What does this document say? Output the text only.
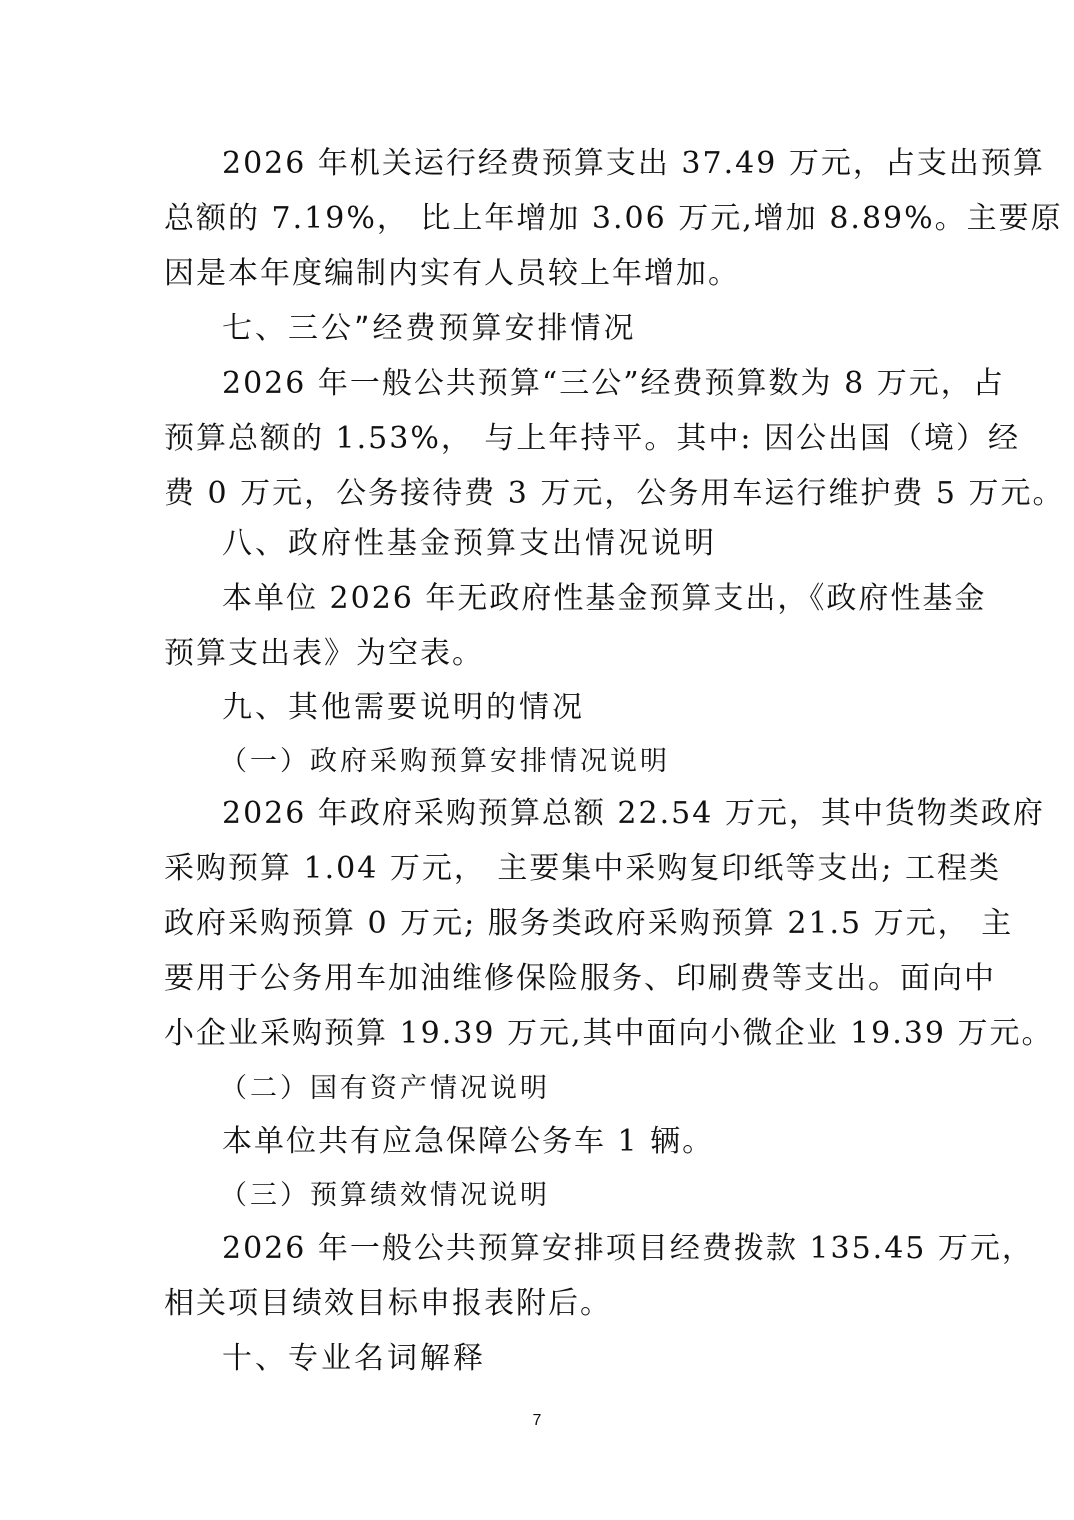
2026 年机关运行经费预算支出 37.49 万元，占支出预算
总额的 7.19%， 比上年增加 3.06 万元,增加 8.89%。主要原
因是本年度编制内实有人员较上年增加。
七、三公”经费预算安排情况
2026 年一般公共预算“三公”经费预算数为 8 万元，占
预算总额的 1.53%， 与上年持平。其中: 因公出国（境）经
费 0 万元，公务接待费 3 万元，公务用车运行维护费 5 万元。
八、政府性基金预算支出情况说明
本单位 2026 年无政府性基金预算支出，《政府性基金
预算支出表》为空表。
九、其他需要说明的情况
（一）政府采购预算安排情况说明
2026 年政府采购预算总额 22.54 万元，其中货物类政府
采购预算 1.04 万元， 主要集中采购复印纸等支出; 工程类
政府采购预算 0 万元; 服务类政府采购预算 21.5 万元， 主
要用于公务用车加油维修保险服务、印刷费等支出。面向中
小企业采购预算 19.39 万元,其中面向小微企业 19.39 万元。
（二）国有资产情况说明
本单位共有应急保障公务车 1 辆。
（三）预算绩效情况说明
2026 年一般公共预算安排项目经费拨款 135.45 万元，
相关项目绩效目标申报表附后。
十、专业名词解释
7
